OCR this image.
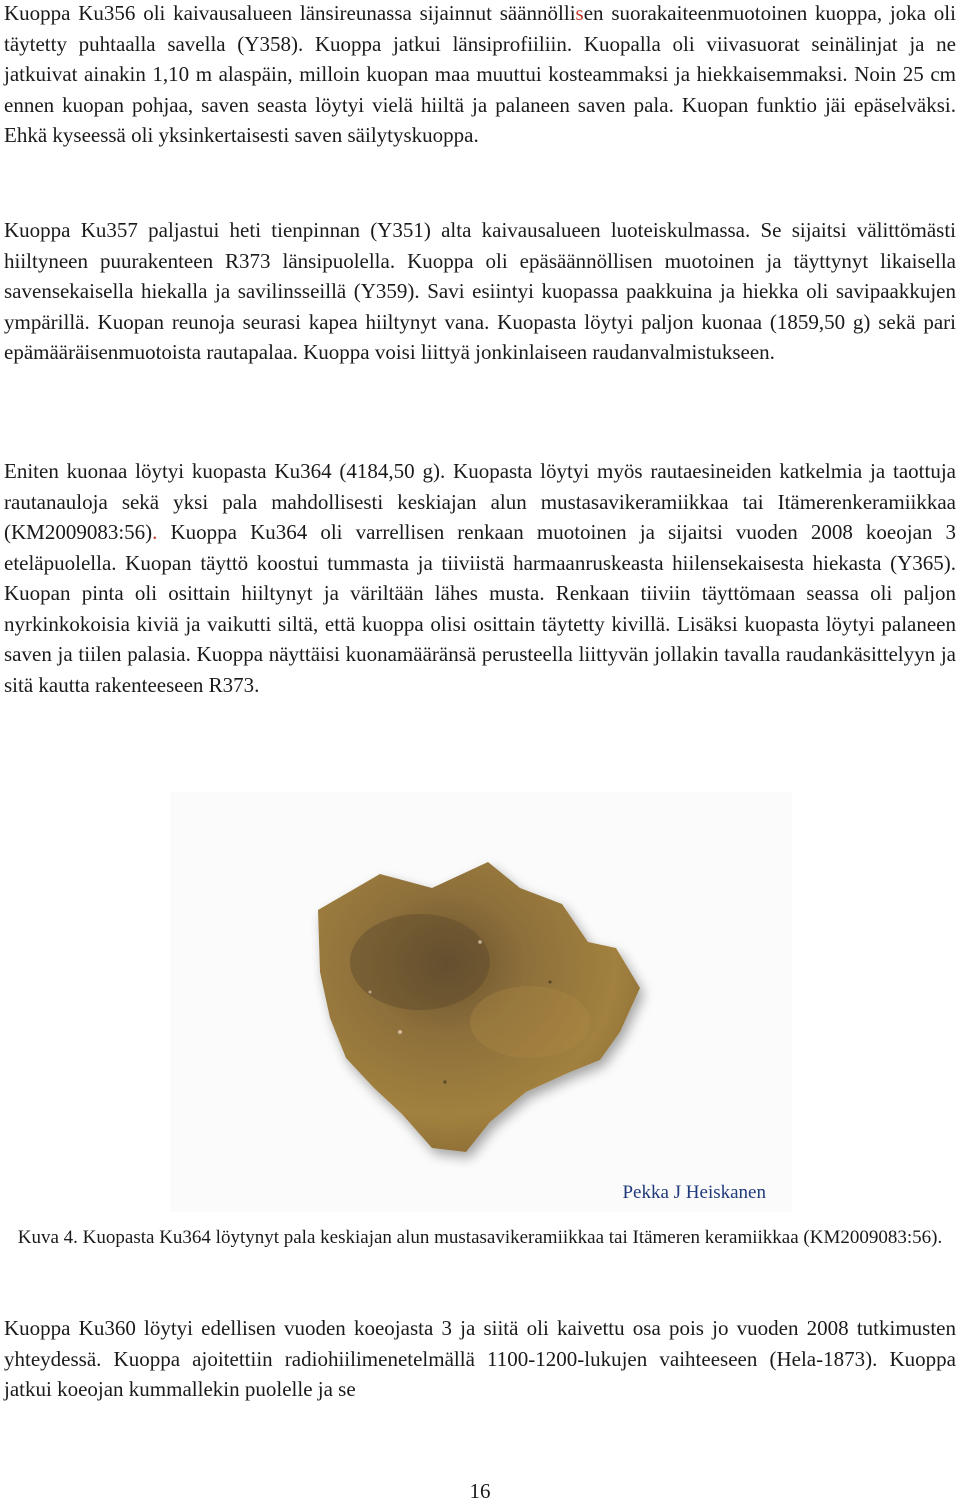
Kuoppa Ku356 oli kaivausalueen länsireunassa sijainnut säännöllisen suorakaiteenmuotoinen kuoppa, joka oli täytetty puhtaalla savella (Y358). Kuoppa jatkui länsiprofiiliin. Kuopalla oli viivasuorat seinälinjat ja ne jatkuivat ainakin 1,10 m alaspäin, milloin kuopan maa muuttui kosteammaksi ja hiekkaisemmaksi. Noin 25 cm ennen kuopan pohjaa, saven seasta löytyi vielä hiiltä ja palaneen saven pala. Kuopan funktio jäi epäselväksi. Ehkä kyseessä oli yksinkertaisesti saven säilytyskuoppa.

Kuoppa Ku357 paljastui heti tienpinnan (Y351) alta kaivausalueen luoteiskulmassa. Se sijaitsi välittömästi hiiltyneen puurakenteen R373 länsipuolella. Kuoppa oli epäsäännöllisen muotoinen ja täyttynyt likaisella savensekaisella hiekalla ja savilinsseillä (Y359). Savi esiintyi kuopassa paakkuina ja hiekka oli savipaakkujen ympärillä. Kuopan reunoja seurasi kapea hiiltynyt vana. Kuopasta löytyi paljon kuonaa (1859,50 g) sekä pari epämääräisenmuotoista rautapalaa. Kuoppa voisi liittyä jonkinlaiseen raudanvalmistukseen.

Eniten kuonaa löytyi kuopasta Ku364 (4184,50 g). Kuopasta löytyi myös rautaesineiden katkelmia ja taottuja rautanauloja sekä yksi pala mahdollisesti keskiajan alun mustasavikeramiikkaa tai Itämerenkeramiikkaa (KM2009083:56). Kuoppa Ku364 oli varrellisen renkaan muotoinen ja sijaitsi vuoden 2008 koeojan 3 eteläpuolella. Kuopan täyttö koostui tummasta ja tiiviistä harmaanruskeasta hiilensekaisesta hiekasta (Y365). Kuopan pinta oli osittain hiiltynyt ja väriltään lähes musta. Renkaan tiiviin täyttömaan seassa oli paljon nyrkinkokoisia kiviä ja vaikutti siltä, että kuoppa olisi osittain täytetty kivillä. Lisäksi kuopasta löytyi palaneen saven ja tiilen palasia. Kuoppa näyttäisi kuonamääränsä perusteella liittyvän jollakin tavalla raudankäsittelyyn ja sitä kautta rakenteeseen R373.

Pekka J Heiskanen
Kuva 4. Kuopasta Ku364 löytynyt pala keskiajan alun mustasavikeramiikkaa tai Itämeren keramiikkaa (KM2009083:56).

Kuoppa Ku360 löytyi edellisen vuoden koeojasta 3 ja siitä oli kaivettu osa pois jo vuoden 2008 tutkimusten yhteydessä. Kuoppa ajoitettiin radiohiilimenetelmällä 1100-1200-lukujen vaihteeseen (Hela-1873). Kuoppa jatkui koeojan kummallekin puolelle ja se

16
